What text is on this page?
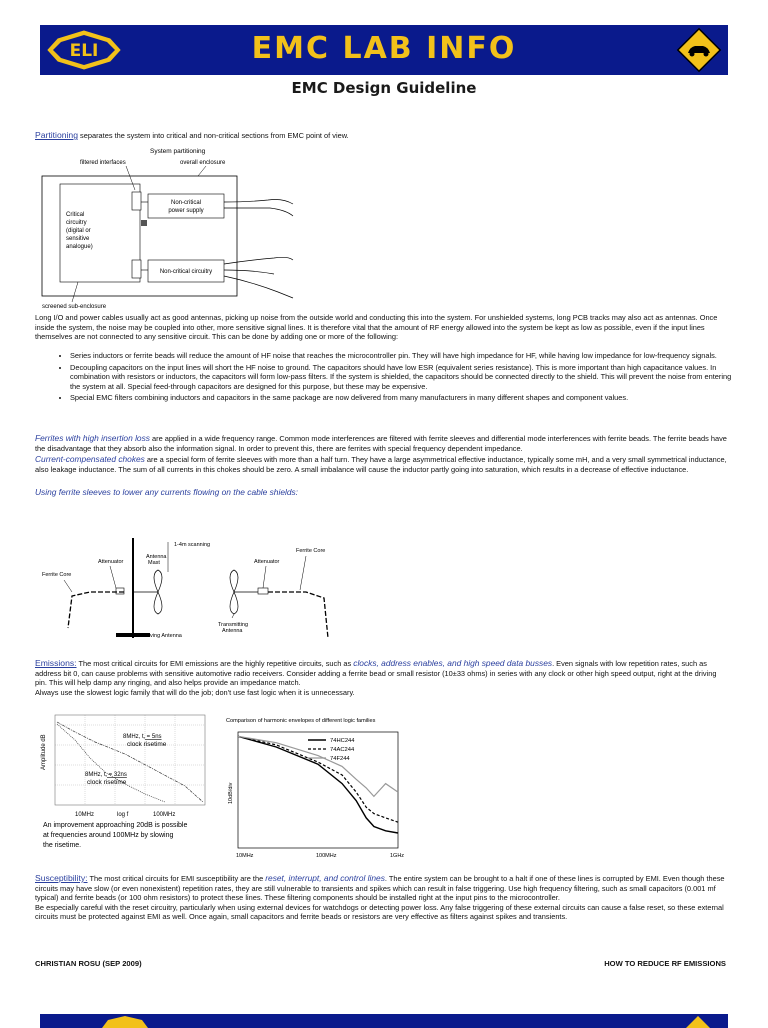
ELI	EMC LAB INFO
EMC Design Guideline

Partitioning separates the system into critical and non-critical sections from EMC point of view.

System partitioning
filtered interfaces	overall enclosure
Non-critical
power supply
Non-critical circuitry
Critical
circuitry
(digital or
sensitive
analogue)
screened sub-enclosure

Long I/O and power cables usually act as good antennas, picking up noise from the outside world and conducting this into the system. For unshielded systems, long PCB tracks may also act as antennas. Once inside the system, the noise may be coupled into other, more sensitive signal lines. It is therefore vital that the amount of RF energy allowed into the system be kept as low as possible, even if the input lines themselves are not connected to any sensitive circuit. This can be done by adding one or more of the following:

• Series inductors or ferrite beads will reduce the amount of HF noise that reaches the microcontroller pin. They will have high impedance for HF, while having low impedance for low-frequency signals.
• Decoupling capacitors on the input lines will short the HF noise to ground. The capacitors should have low ESR (equivalent series resistance). This is more important than high capacitance values. In combination with resistors or inductors, the capacitors will form low-pass filters. If the system is shielded, the capacitors should be connected directly to the shield. This will prevent the noise from entering the system at all. Special feed-through capacitors are designed for this purpose, but these may be expensive.
• Special EMC filters combining inductors and capacitors in the same package are now delivered from many manufacturers in many different shapes and component values.

Ferrites with high insertion loss are applied in a wide frequency range. Common mode interferences are filtered with ferrite sleeves and differential mode interferences with ferrite beads. The ferrite beads have the disadvantage that they absorb also the information signal. In order to prevent this, there are ferrites with special frequency dependent impedance.

Current-compensated chokes are a special form of ferrite sleeves with more than a half turn. They have a large asymmetrical effective inductance, typically some mH, and a very small symmetrical inductance, also leakage inductance. The sum of all currents in this chokes should be zero. A small imbalance will cause the inductor partly going into saturation, which results in a decrease of effective inductance.

Using ferrite sleeves to lower any currents flowing on the cable shields:

Receiving Antenna
Antenna
Mast
1-4m scanning
Attenuator
Ferrite Core
Attenuator
Ferrite Core
Transmitting
Antenna

Emissions: The most critical circuits for EMI emissions are the highly repetitive circuits, such as clocks, address enables, and high speed data busses. Even signals with low repetition rates, such as address bit 0, can cause problems with sensitive automotive radio receivers. Consider adding a ferrite bead or small resistor (10±33 ohms) in series with any clock or other high speed output, right at the driving pin. This will help damp any ringing, and also helps provide an impedance match.
Always use the slowest logic family that will do the job; don't use fast logic when it is unnecessary.

Amplitude dB	8MHz, tr = 5ns
clock risetime
8MHz, tr = 32ns
clock risetime
10MHz	log f	100MHz
An improvement approaching 20dB is possible
at frequencies around 100MHz by slowing
the risetime.
Comparison of harmonic envelopes of different logic families
10dB/div
74HC244
74AC244
74F244
10MHz	100MHz	1GHz

Susceptibility: The most critical circuits for EMI susceptibility are the reset, interrupt, and control lines. The entire system can be brought to a halt if one of these lines is corrupted by EMI. Even though these circuits may have slow (or even nonexistent) repetition rates, they are still vulnerable to transients and spikes which can result in false triggering. Use high frequency filtering, such as small capacitors (0.001 mf typical) and ferrite beads (or 100 ohm resistors) to protect these lines. These filtering components should be installed right at the input pins to the microcontroller.
Be especially careful with the reset circuitry, particularly when using external devices for watchdogs or detecting power loss. Any false triggering of these external circuits can cause a false reset, so these external circuits must be protected against EMI as well. Once again, small capacitors and ferrite beads or resistors are very effective as filters against spikes and transients.

CHRISTIAN ROSU (SEP 2009)	HOW TO REDUCE RF EMISSIONS
